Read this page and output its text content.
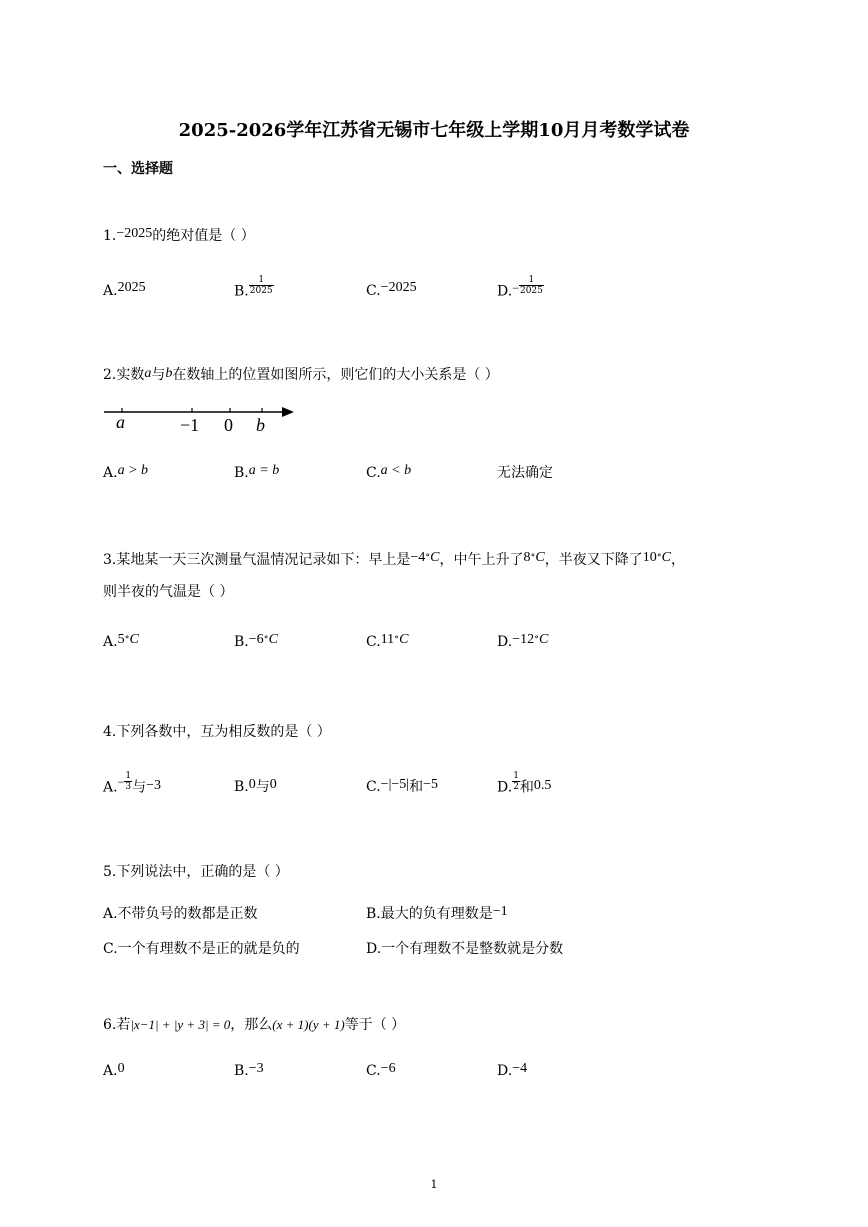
2025-2026学年江苏省无锡市七年级上学期10月月考数学试卷
一、选择题
1.−2025的绝对值是（ ）
A.2025	B. $\frac{1}{2025}$	C.−2025	$D.- \frac{1}{2025}$
2.实数a与b在数轴上的位置如图所示，则它们的大小关系是（ ）
a	−1 0 b
A.a > b	B.a = b	C.a < b	无法确定
3.某地某一天三次测量气温情况记录如下：早上是−4∘C，中午上升了8∘C，半夜又下降了10∘C，
则半夜的气温是（ ）
A.5∘C	B.−6∘C	C.11∘C	D.−12∘C
4.下列各数中，互为相反数的是（ ）
$A.- \frac{1}{3}$ 与−3	B.0与0	C.−|−5|和−5	D. $\frac{1}{2}$ 和0.5
5.下列说法中，正确的是（ ）
A.不带负号的数都是正数	B.最大的负有理数是−1
C.一个有理数不是正的就是负的	D.一个有理数不是整数就是分数
6.若|x−1| + |y + 3| = 0，那么(x + 1)(y + 1)等于（ ）
A.0	B.−3	C.−6	D.−4
1
